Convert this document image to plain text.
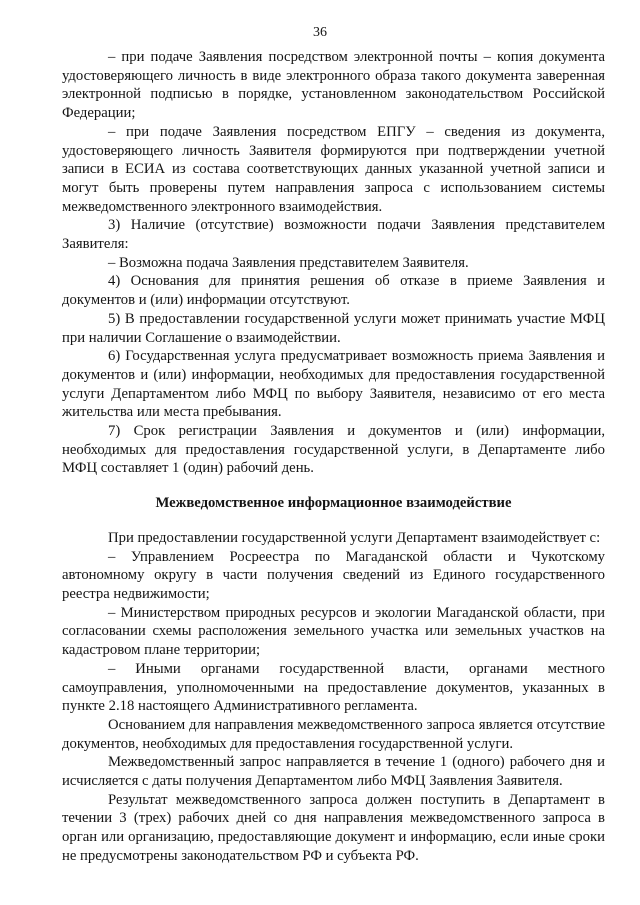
36

– при подаче Заявления посредством электронной почты – копия документа удостоверяющего личность в виде электронного образа такого документа заверенная электронной подписью в порядке, установленном законодательством Российской Федерации;

– при подаче Заявления посредством ЕПГУ – сведения из документа, удостоверяющего личность Заявителя формируются при подтверждении учетной записи в ЕСИА из состава соответствующих данных указанной учетной записи и могут быть проверены путем направления запроса с использованием системы межведомственного электронного взаимодействия.

3) Наличие (отсутствие) возможности подачи Заявления представителем Заявителя:

– Возможна подача Заявления представителем Заявителя.

4) Основания для принятия решения об отказе в приеме Заявления и документов и (или) информации отсутствуют.

5) В предоставлении государственной услуги может принимать участие МФЦ при наличии Соглашение о взаимодействии.

6) Государственная услуга предусматривает возможность приема Заявления и документов и (или) информации, необходимых для предоставления государственной услуги Департаментом либо МФЦ по выбору Заявителя, независимо от его места жительства или места пребывания.

7) Срок регистрации Заявления и документов и (или) информации, необходимых для предоставления государственной услуги, в Департаменте либо МФЦ составляет 1 (один) рабочий день.

Межведомственное информационное взаимодействие

При предоставлении государственной услуги Департамент взаимодействует с:

– Управлением Росреестра по Магаданской области и Чукотскому автономному округу в части получения сведений из Единого государственного реестра недвижимости;

– Министерством природных ресурсов и экологии Магаданской области, при согласовании схемы расположения земельного участка или земельных участков на кадастровом плане территории;

– Иными органами государственной власти, органами местного самоуправления, уполномоченными на предоставление документов, указанных в пункте 2.18 настоящего Административного регламента.

Основанием для направления межведомственного запроса является отсутствие документов, необходимых для предоставления государственной услуги.

Межведомственный запрос направляется в течение 1 (одного) рабочего дня и исчисляется с даты получения Департаментом либо МФЦ Заявления Заявителя.

Результат межведомственного запроса должен поступить в Департамент в течении 3 (трех) рабочих дней со дня направления межведомственного запроса в орган или организацию, предоставляющие документ и информацию, если иные сроки не предусмотрены законодательством РФ и субъекта РФ.
